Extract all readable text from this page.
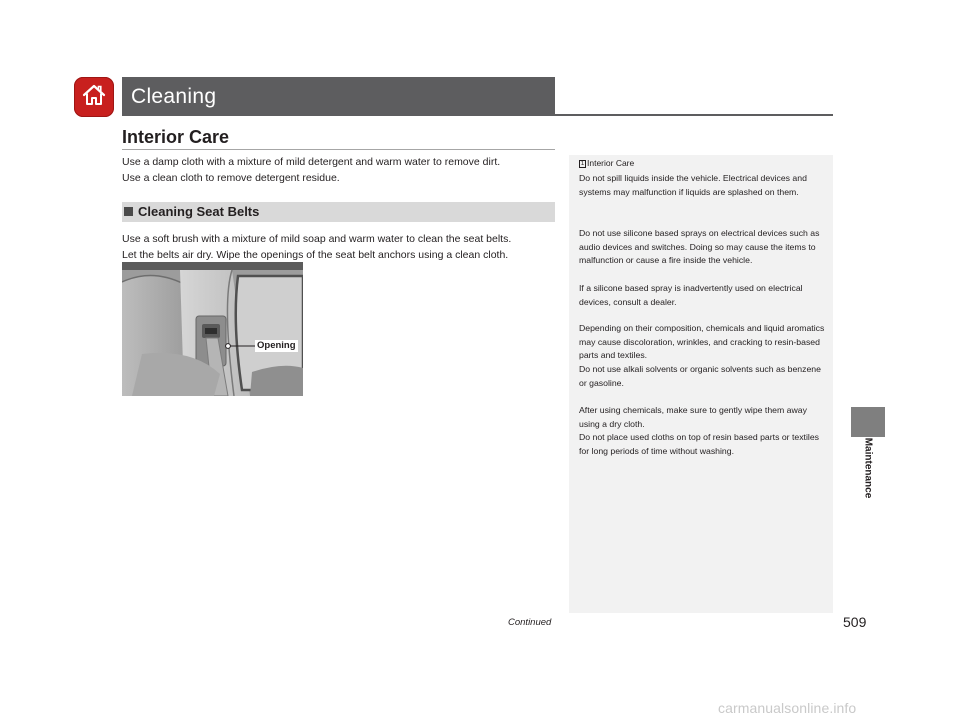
Cleaning
Interior Care
Use a damp cloth with a mixture of mild detergent and warm water to remove dirt.
Use a clean cloth to remove detergent residue.
Cleaning Seat Belts
Use a soft brush with a mixture of mild soap and warm water to clean the seat belts.
Let the belts air dry. Wipe the openings of the seat belt anchors using a clean cloth.
Opening
1 Interior Care
Do not spill liquids inside the vehicle. Electrical devices and systems may malfunction if liquids are splashed on them.
Do not use silicone based sprays on electrical devices such as audio devices and switches. Doing so may cause the items to malfunction or cause a fire inside the vehicle.
If a silicone based spray is inadvertently used on electrical devices, consult a dealer.
Depending on their composition, chemicals and liquid aromatics may cause discoloration, wrinkles, and cracking to resin-based parts and textiles.
Do not use alkali solvents or organic solvents such as benzene or gasoline.
After using chemicals, make sure to gently wipe them away using a dry cloth.
Do not place used cloths on top of resin based parts or textiles for long periods of time without washing.	Maintenance
Continued	509
carmanualsonline.info
